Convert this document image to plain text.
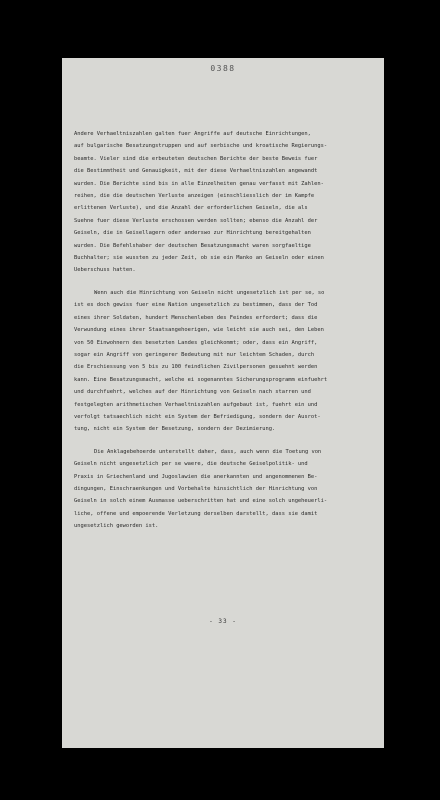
0388
Andere Verhaeltniszahlen galten fuer Angriffe auf deutsche Einrichtungen,
auf bulgarische Besatzungstruppen und auf serbische und kroatische Regierungs-
beamte. Vieler sind die erbeuteten deutschen Berichte der beste Beweis fuer
die Bestimmtheit und Genauigkeit, mit der diese Verhaeltniszahlen angewandt
wurden. Die Berichte sind bis in alle Einzelheiten genau verfasst mit Zahlen-
reihen, die die deutschen Verluste anzeigen (einschliesslich der im Kampfe
erlittenen Verluste), und die Anzahl der erforderlichen Geiseln, die als
Suehne fuer diese Verluste erschossen werden sollten; ebenso die Anzahl der
Geiseln, die in Geisellagern oder anderswo zur Hinrichtung bereitgehalten
wurden. Die Befehlshaber der deutschen Besatzungsmacht waren sorgfaeltige
Buchhalter; sie wussten zu jeder Zeit, ob sie ein Manko an Geiseln oder einen
Ueberschuss hatten.
Wenn auch die Hinrichtung von Geiseln nicht ungesetzlich ist per se, so
ist es doch gewiss fuer eine Nation ungesetzlich zu bestimmen, dass der Tod
eines ihrer Soldaten, hundert Menschenleben des Feindes erfordert; dass die
Verwundung eines ihrer Staatsangehoerigen, wie leicht sie auch sei, den Leben
von 50 Einwohnern des besetzten Landes gleichkommt; oder, dass ein Angriff,
sogar ein Angriff von geringerer Bedeutung mit nur leichtem Schaden, durch
die Erschiessung von 5 bis zu 100 feindlichen Zivilpersonen gesuehnt werden
kann. Eine Besatzungsmacht, welche ei sogenanntes Sicherungsprogramm einfuehrt
und durchfuehrt, welches auf der Hinrichtung von Geiseln nach starren und
festgelegten arithmetischen Verhaeltniszahlen aufgebaut ist, fuehrt ein und
verfolgt tatsaechlich nicht ein System der Befriedigung, sondern der Ausrot-
tung, nicht ein System der Besetzung, sondern der Dezimierung.
Die Anklagebehoerde unterstellt daher, dass, auch wenn die Toetung von
Geiseln nicht ungesetzlich per se waere, die deutsche Geiselpolitik- und
Praxis in Griechenland und Jugoslawien die anerkannten und angenommenen Be-
dingungen, Einschraenkungen und Vorbehalte hinsichtlich der Hinrichtung von
Geiseln in solch einem Ausmasse ueberschritten hat und eine solch ungeheuerli-
liche, offene und empoerende Verletzung derselben darstellt, dass sie damit
ungesetzlich geworden ist.
- 33 -
